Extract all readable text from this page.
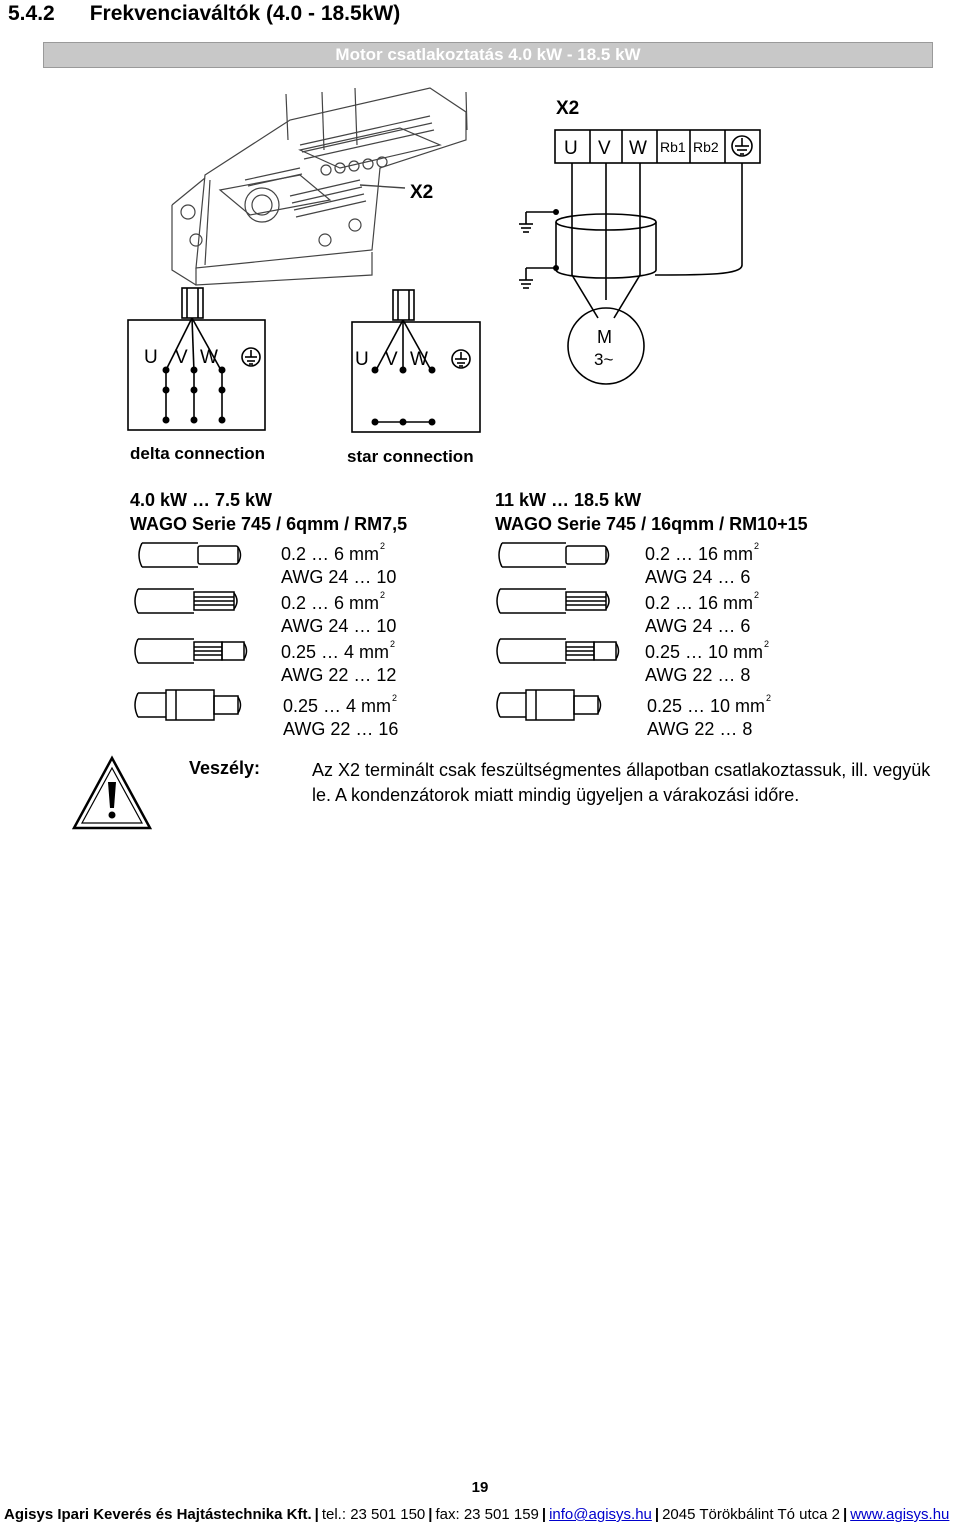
5.4.2      Frekvenciaváltók (4.0 - 18.5kW)
Motor csatlakoztatás 4.0 kW - 18.5 kW
X2
X2
U V W Rb1 Rb2
M
3~
U V W	U V W
delta connection	star connection
4.0 kW … 7.5 kW
WAGO Serie 745 / 6qmm / RM7,5
11 kW … 18.5 kW
WAGO Serie 745 / 16qmm / RM10+15
0.2 … 6 $mm^2$
AWG 24 … 10
0.2 … 6 $mm^2$
AWG 24 … 10
0.25 … 4 $mm^2$
AWG 22 … 12
0.25 … 4 $mm^2$
AWG 22 … 16
0.2 … 16 $mm^2$
AWG 24 … 6
0.2 … 16 $mm^2$
AWG 24 … 6
0.25 … 10 $mm^2$
AWG 22 … 8
0.25 … 10 $mm^2$
AWG 22 … 8
Veszély:	Az X2 terminált csak feszültségmentes állapotban csatlakoztassuk, ill. vegyük le. A kondenzátorok miatt mindig ügyeljen a várakozási időre.
19
Agisys Ipari Keverés és Hajtástechnika Kft. | tel.: 23 501 150 | fax: 23 501 159 | info@agisys.hu | 2045 Törökbálint Tó utca 2 | www.agisys.hu
